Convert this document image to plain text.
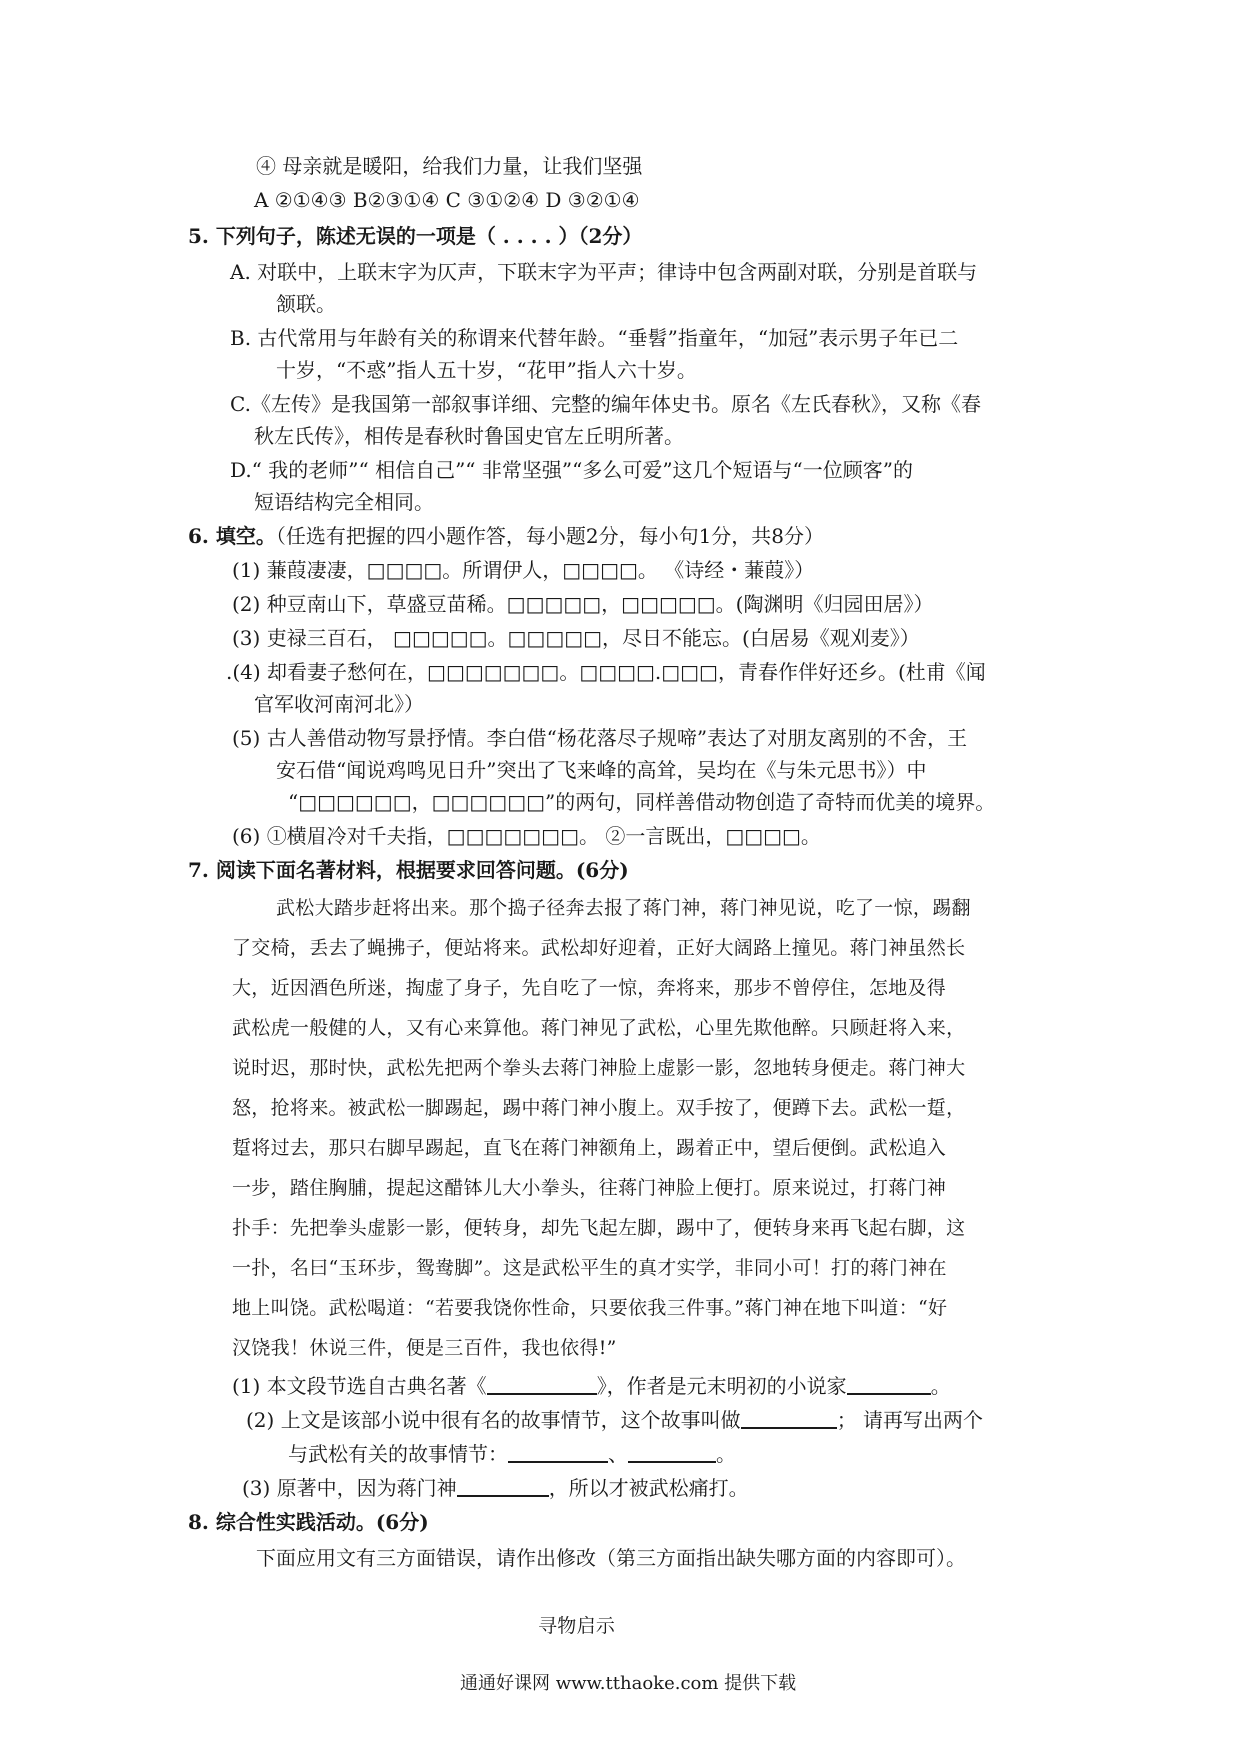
④ 母亲就是暖阳，给我们力量，让我们坚强
A ②①④③ B②③①④ C ③①②④ D ③②①④
5. 下列句子，陈述无误的一项是（ . . . . ）（2分）
A. 对联中，上联末字为仄声，下联末字为平声；律诗中包含两副对联，分别是首联与
颔联。
B. 古代常用与年龄有关的称谓来代替年龄。“垂髫”指童年，“加冠”表示男子年已二
十岁，“不惑”指人五十岁，“花甲”指人六十岁。
C.《左传》是我国第一部叙事详细、完整的编年体史书。原名《左氏春秋》，又称《春
秋左氏传》，相传是春秋时鲁国史官左丘明所著。
D.“ 我的老师”“ 相信自己”“ 非常坚强”“多么可爱”这几个短语与“一位顾客”的
短语结构完全相同。
6. 填空。（任选有把握的四小题作答，每小题2分，每小句1分，共8分）
(1) 蒹葭凄凄，□□□□。所谓伊人，□□□□。 《诗经・蒹葭》）
(2) 种豆南山下，草盛豆苗稀。□□□□□，□□□□□。(陶渊明《归园田居》）
(3) 吏禄三百石， □□□□□。□□□□□，尽日不能忘。(白居易《观刈麦》）
.(4) 却看妻子愁何在，□□□□□□□。□□□□.□□□，青春作伴好还乡。(杜甫《闻
官军收河南河北》）
(5) 古人善借动物写景抒情。李白借“杨花落尽子规啼”表达了对朋友离别的不舍，王
安石借“闻说鸡鸣见日升”突出了飞来峰的高耸，吴均在《与朱元思书》）中
“□□□□□□，□□□□□□”的两句，同样善借动物创造了奇特而优美的境界。
(6) ①横眉冷对千夫指，□□□□□□□。 ②一言既出，□□□□。
7. 阅读下面名著材料，根据要求回答问题。(6分)
武松大踏步赶将出来。那个捣子径奔去报了蒋门神，蒋门神见说，吃了一惊，踢翻
了交椅，丢去了蝇拂子，便站将来。武松却好迎着，正好大阔路上撞见。蒋门神虽然长
大，近因酒色所迷，掏虚了身子，先自吃了一惊，奔将来，那步不曾停住，怎地及得
武松虎一般健的人，又有心来算他。蒋门神见了武松，心里先欺他醉。只顾赶将入来，
说时迟，那时快，武松先把两个拳头去蒋门神脸上虚影一影，忽地转身便走。蒋门神大
怒，抢将来。被武松一脚踢起，踢中蒋门神小腹上。双手按了，便蹲下去。武松一踅，
踅将过去，那只右脚早踢起，直飞在蒋门神额角上，踢着正中，望后便倒。武松追入
一步，踏住胸脯，提起这醋钵儿大小拳头，往蒋门神脸上便打。原来说过，打蒋门神
扑手：先把拳头虚影一影，便转身，却先飞起左脚，踢中了，便转身来再飞起右脚，这
一扑，名曰“玉环步，鸳鸯脚”。这是武松平生的真才实学，非同小可！打的蒋门神在
地上叫饶。武松喝道：“若要我饶你性命，只要依我三件事。”蒋门神在地下叫道：“好
汉饶我！休说三件，便是三百件，我也依得!”
(1) 本文段节选自古典名著《	》，作者是元末明初的小说家	。
(2) 上文是该部小说中很有名的故事情节，这个故事叫做	； 请再写出两个
与武松有关的故事情节：	、	。
(3) 原著中，因为蒋门神	，所以才被武松痛打。
8. 综合性实践活动。(6分)
下面应用文有三方面错误，请作出修改（第三方面指出缺失哪方面的内容即可）。
寻物启示
通通好课网 www.tthaoke.com 提供下载
